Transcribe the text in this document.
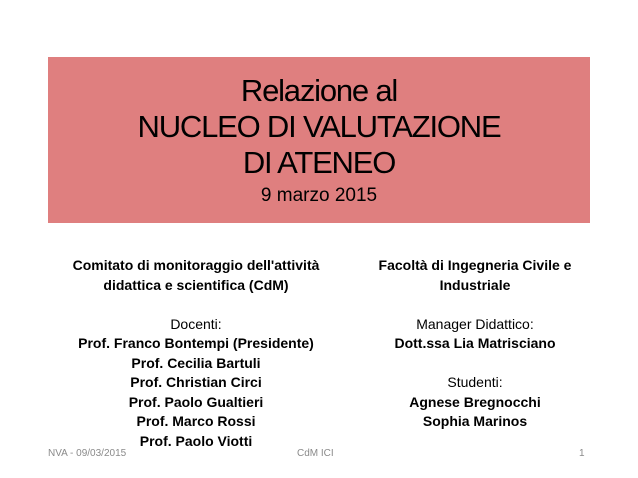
Relazione al
NUCLEO DI VALUTAZIONE
DI ATENEO
9 marzo 2015
Comitato di monitoraggio dell'attività
didattica e scientifica (CdM)
Docenti:
Prof. Franco Bontempi (Presidente)
Prof. Cecilia Bartuli
Prof. Christian Circi
Prof. Paolo Gualtieri
Prof. Marco Rossi
Prof. Paolo Viotti
Facoltà di Ingegneria Civile e
Industriale
Manager Didattico:
Dott.ssa Lia Matrisciano
Studenti:
Agnese Bregnocchi
Sophia Marinos
NVA - 09/03/2015	CdM ICI	1
